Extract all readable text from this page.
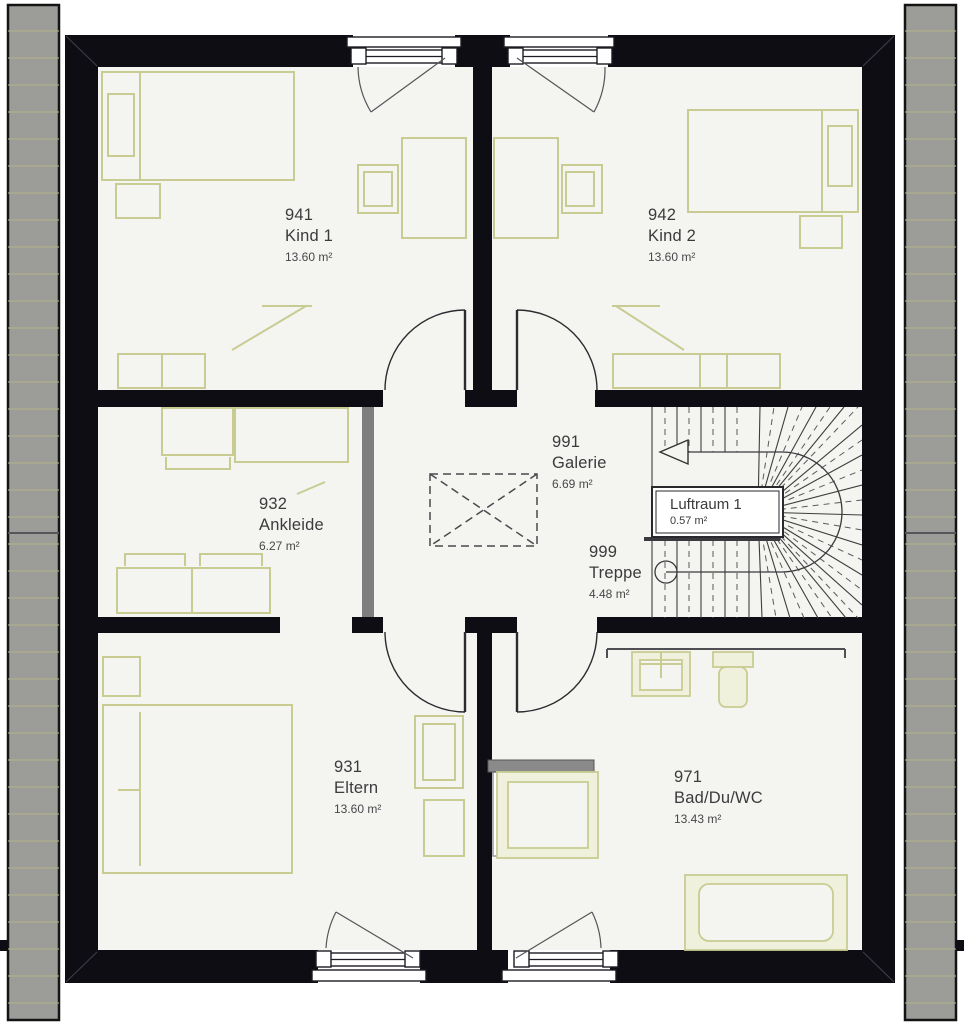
941
Kind 1
13.60 m²
942
Kind 2
13.60 m²
932
Ankleide
6.27 m²
991
Galerie
6.69 m²
999
Treppe
4.48 m²
931
Eltern
13.60 m²
971
Bad/Du/WC
13.43 m²
Luftraum 1
0.57 m²
